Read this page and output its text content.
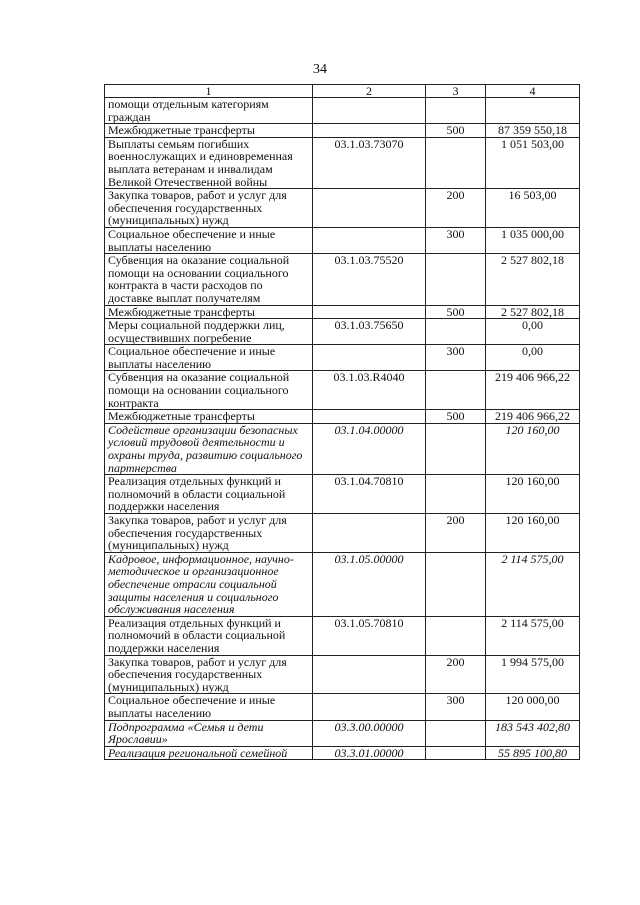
34
1	2	3	4
помощи отдельным категориям граждан			
Межбюджетные трансферты		500	87 359 550,18
Выплаты семьям погибших военнослужащих и единовременная выплата ветеранам и инвалидам Великой Отечественной войны	03.1.03.73070		1 051 503,00
Закупка товаров, работ и услуг для обеспечения государственных (муниципальных) нужд		200	16 503,00
Социальное обеспечение и иные выплаты населению		300	1 035 000,00
Субвенция на оказание социальной помощи на основании социального контракта в части расходов по доставке выплат получателям	03.1.03.75520		2 527 802,18
Межбюджетные трансферты		500	2 527 802,18
Меры социальной поддержки лиц, осуществивших погребение	03.1.03.75650		0,00
Социальное обеспечение и иные выплаты населению		300	0,00
Субвенция на оказание социальной помощи на основании социального контракта	03.1.03.R4040		219 406 966,22
Межбюджетные трансферты		500	219 406 966,22
Содействие организации безопасных условий трудовой деятельности и охраны труда, развитию социального партнерства	03.1.04.00000		120 160,00
Реализация отдельных функций и полномочий в области социальной поддержки населения	03.1.04.70810		120 160,00
Закупка товаров, работ и услуг для обеспечения государственных (муниципальных) нужд		200	120 160,00
Кадровое, информационное, научно-методическое и организационное обеспечение отрасли социальной защиты населения и социального обслуживания населения	03.1.05.00000		2 114 575,00
Реализация отдельных функций и полномочий в области социальной поддержки населения	03.1.05.70810		2 114 575,00
Закупка товаров, работ и услуг для обеспечения государственных (муниципальных) нужд		200	1 994 575,00
Социальное обеспечение и иные выплаты населению		300	120 000,00
Подпрограмма «Семья и дети Ярославии»	03.3.00.00000		183 543 402,80
Реализация региональной семейной	03.3.01.00000		55 895 100,80
